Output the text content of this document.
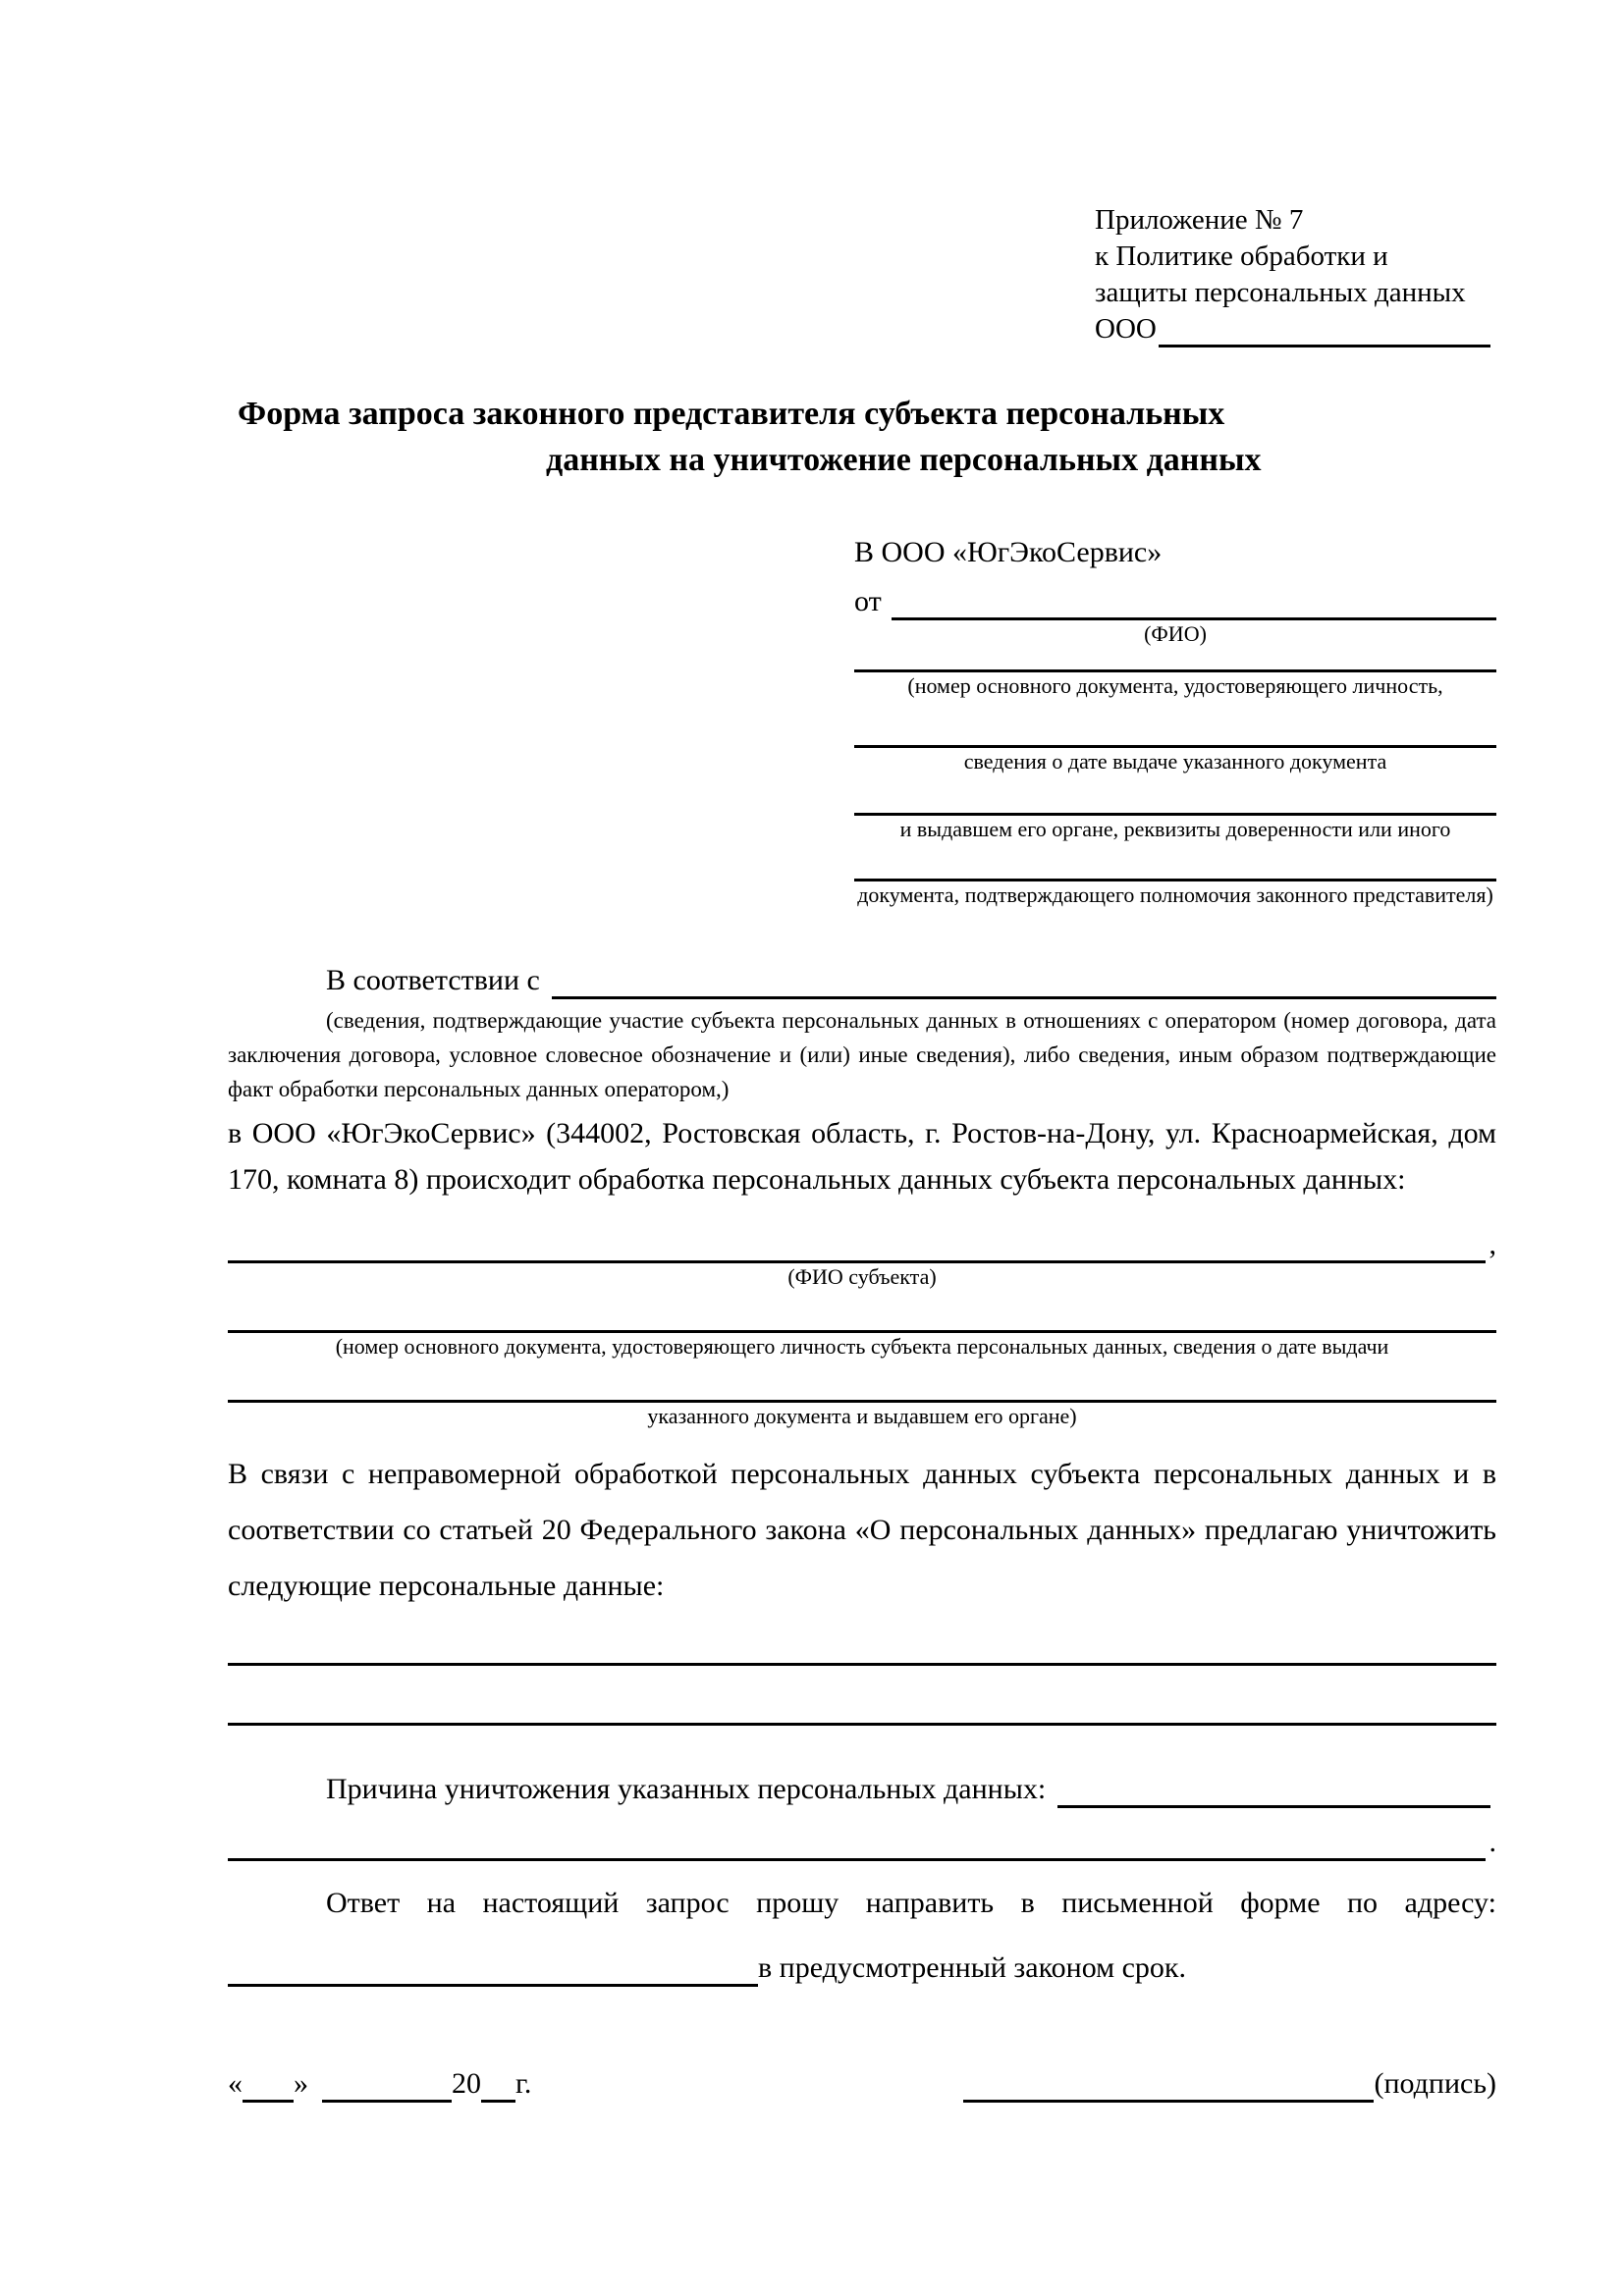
Приложение № 7
к Политике обработки и
защиты персональных данных
ООО
Форма запроса законного представителя субъекта персональных
данных на уничтожение персональных данных
В ООО «ЮгЭкоСервис»
от
(ФИО)
(номер основного документа, удостоверяющего личность,
сведения о дате выдаче указанного документа
и выдавшем его органе, реквизиты доверенности или иного
документа, подтверждающего полномочия законного представителя)
В соответствии с
(сведения, подтверждающие участие субъекта персональных данных в отношениях с оператором (номер договора, дата заключения договора, условное словесное обозначение и (или) иные сведения), либо сведения, иным образом подтверждающие факт обработки персональных данных оператором,)

в ООО «ЮгЭкоСервис» (344002, Ростовская область, г. Ростов-на-Дону, ул. Красноармейская, дом 170, комната 8) происходит обработка персональных данных субъекта персональных данных:

,
(ФИО субъекта)
(номер основного документа, удостоверяющего личность субъекта персональных данных, сведения о дате выдачи
указанного документа и выдавшем его органе)

В связи с неправомерной обработкой персональных данных субъекта персональных данных и в соответствии со статьей 20 Федерального закона «О персональных данных» предлагаю уничтожить следующие персональные данные:

Причина уничтожения указанных персональных данных:
.

Ответ на настоящий запрос прошу направить в письменной форме по адресу:

в предусмотренный законом срок.
« »	20 г.	(подпись)
